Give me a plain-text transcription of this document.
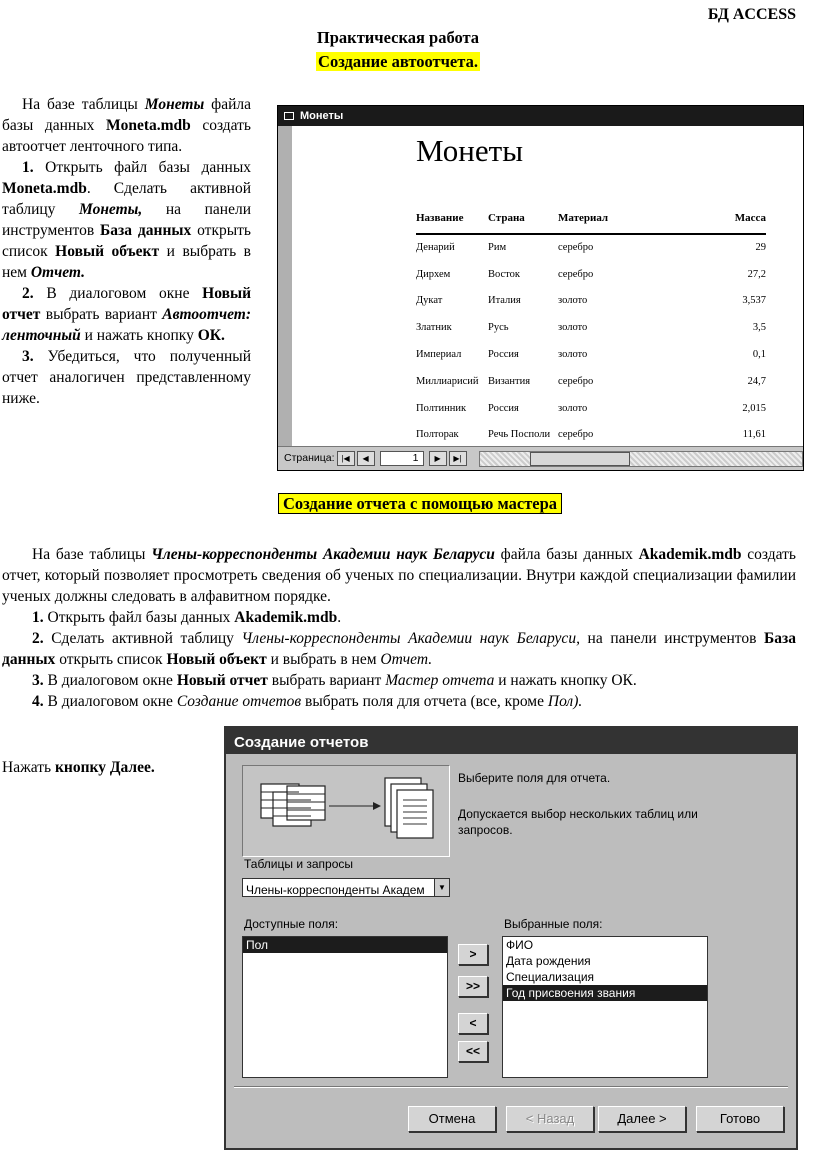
БД ACCESS
Практическая работа
Создание автоотчета.

На базе таблицы Монеты файла базы данных Moneta.mdb создать автоотчет ленточного типа.

1. Открыть файл базы данных Moneta.mdb. Сделать активной таблицу Монеты, на панели инструментов База данных открыть список Новый объект и выбрать в нем Отчет.

2. В диалоговом окне Новый отчет выбрать вариант Автоотчет: ленточный и нажать кнопку ОК.

3. Убедиться, что полученный отчет аналогичен представленному ниже.

Монеты
Монеты
Название	Страна	Материал	Масса
Денарий	Рим	серебро	29
Дирхем	Восток	серебро	27,2
Дукат	Италия	золото	3,537
Златник	Русь	золото	3,5
Империал	Россия	золото	0,1
Миллиарисий	Византия	серебро	24,7
Полтинник	Россия	золото	2,015
Полторак	Речь Посполи	серебро	11,61
Страница: |◀	◀	1	▶	▶|
Создание отчета с помощью мастера

На базе таблицы Члены-корреспонденты Академии наук Беларуси файла базы данных Akademik.mdb создать отчет, который позволяет просмотреть сведения об ученых по специализации. Внутри каждой специализации фамилии ученых должны следовать в алфавитном порядке.

1. Открыть файл базы данных Akademik.mdb.

2. Сделать активной таблицу Члены-корреспонденты Академии наук Беларуси, на панели инструментов База данных открыть список Новый объект и выбрать в нем Отчет.

3. В диалоговом окне Новый отчет выбрать вариант Мастер отчета и нажать кнопку ОК.

4. В диалоговом окне Создание отчетов выбрать поля для отчета (все, кроме Пол).

Нажать кнопку Далее.
Создание отчетов
Выберите поля для отчета.
Допускается выбор нескольких таблиц или запросов.
Таблицы и запросы
Члены-корреспонденты Академ	▼
Доступные поля:	Выбранные поля:
Пол
>
>>
<
<<
ФИО
Дата рождения
Специализация
Год присвоения звания
Отмена	< Назад	Далее >	Готово
